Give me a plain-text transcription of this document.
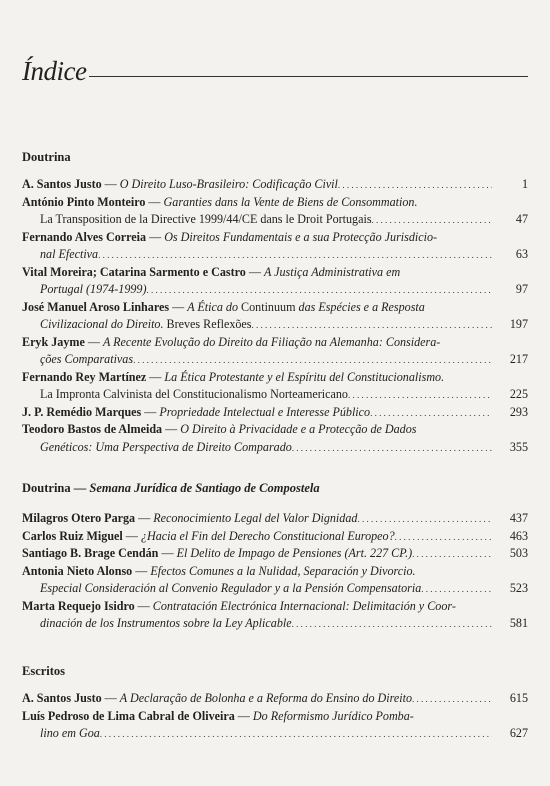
Índice
Doutrina
A. Santos Justo — O Direito Luso-Brasileiro: Codificação Civil . . .	1
António Pinto Monteiro — Garanties dans la Vente de Biens de Consommation.
La Transposition de la Directive 1999/44/CE dans le Droit Portugais . . .	47
Fernando Alves Correia — Os Direitos Fundamentais e a sua Protecção Jurisdicio-
nal Efectiva . . .	63
Vital Moreira; Catarina Sarmento e Castro — A Justiça Administrativa em
Portugal (1974-1999) . . .	97
José Manuel Aroso Linhares — A Ética do Continuum das Espécies e a Resposta
Civilizacional do Direito. Breves Reflexões . . .	197
Eryk Jayme — A Recente Evolução do Direito da Filiação na Alemanha: Considera-
ções Comparativas . . .	217
Fernando Rey Martínez — La Ética Protestante y el Espíritu del Constitucionalismo.
La Impronta Calvinista del Constitucionalismo Norteamericano . . .	225
J. P. Remédio Marques — Propriedade Intelectual e Interesse Público . . .	293
Teodoro Bastos de Almeida — O Direito à Privacidade e a Protecção de Dados
Genéticos: Uma Perspectiva de Direito Comparado . . .	355
Doutrina — Semana Jurídica de Santiago de Compostela
Milagros Otero Parga — Reconocimiento Legal del Valor Dignidad . . .	437
Carlos Ruiz Miguel — ¿Hacia el Fin del Derecho Constitucional Europeo? . . .	463
Santiago B. Brage Cendán — El Delito de Impago de Pensiones (Art. 227 CP.) . . .	503
Antonia Nieto Alonso — Efectos Comunes a la Nulidad, Separación y Divorcio.
Especial Consideración al Convenio Regulador y a la Pensión Compensatoria . . .	523
Marta Requejo Isidro — Contratación Electrónica Internacional: Delimitación y Coor-
dinación de los Instrumentos sobre la Ley Aplicable . . .	581
Escritos
A. Santos Justo — A Declaração de Bolonha e a Reforma do Ensino do Direito . . .	615
Luís Pedroso de Lima Cabral de Oliveira — Do Reformismo Jurídico Pomba-
lino em Goa . . .	627
